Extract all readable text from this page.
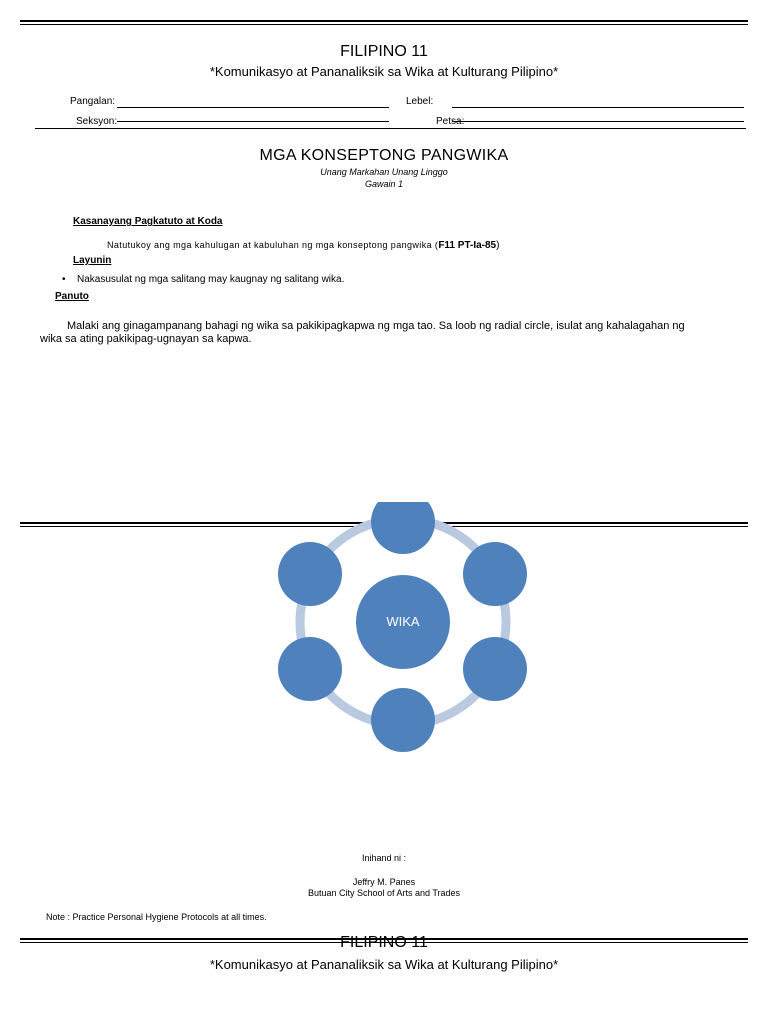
FILIPINO 11
*Komunikasyo at Pananaliksik sa Wika at Kulturang Pilipino*
Pangalan:	Lebel:
Seksyon:	Petsa:
MGA KONSEPTONG PANGWIKA
Unang Markahan Unang Linggo
Gawain 1
Kasanayang Pagkatuto at Koda
Natutukoy ang mga kahulugan at kabuluhan ng mga konseptong pangwika (F11 PT-Ia-85)
Layunin
• Nakasusulat ng mga salitang may kaugnay ng salitang wika.
Panuto
Malaki ang ginagampanang bahagi ng wika sa pakikipagkapwa ng mga tao. Sa loob ng radial circle, isulat ang kahalagahan ng
wika sa ating pakikipag-ugnayan sa kapwa.
WIKA
Inihand ni :
Jeffry M. Panes
Butuan City School of Arts and Trades
Note : Practice Personal Hygiene Protocols at all times.
FILIPINO 11
*Komunikasyo at Pananaliksik sa Wika at Kulturang Pilipino*
